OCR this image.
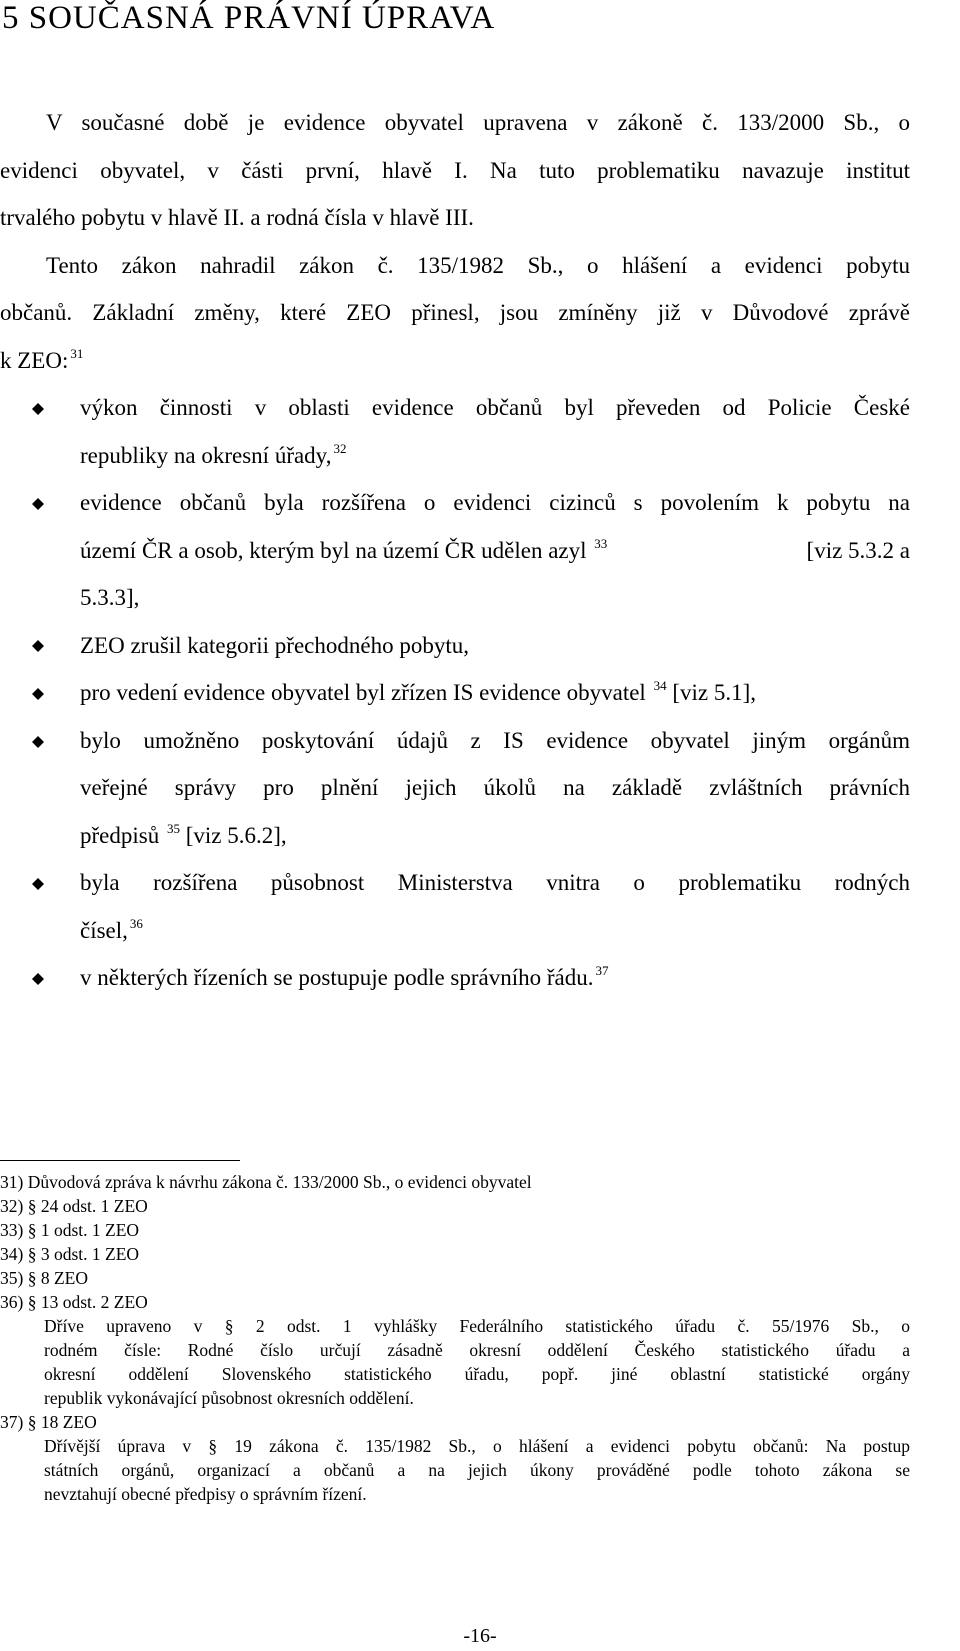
5 SOUČASNÁ PRÁVNÍ ÚPRAVA
V současné době je evidence obyvatel upravena v zákoně č. 133/2000 Sb., o
evidenci obyvatel, v části první, hlavě I. Na tuto problematiku navazuje institut
trvalého pobytu v hlavě II. a rodná čísla v hlavě III.
Tento zákon nahradil zákon č. 135/1982 Sb., o hlášení a evidenci pobytu
občanů. Základní změny, které ZEO přinesl, jsou zmíněny již v Důvodové zprávě
k ZEO: $^{31}$
výkon činnosti v oblasti evidence občanů byl převeden od Policie České
republiky na okresní úřady, $^{32}$
evidence občanů byla rozšířena o evidenci cizinců s povolením k pobytu na
území ČR a osob, kterým byl na území ČR udělen azyl $^{33}$	[viz 5.3.2 a
5.3.3],
ZEO zrušil kategorii přechodného pobytu,
pro vedení evidence obyvatel byl zřízen IS evidence obyvatel $^{34}$ [viz 5.1],
bylo umožněno poskytování údajů z IS evidence obyvatel jiným orgánům
veřejné správy pro plnění jejich úkolů na základě zvláštních právních
předpisů $^{35}$ [viz 5.6.2],
byla rozšířena působnost Ministerstva vnitra o problematiku rodných
čísel, $^{36}$
v některých řízeních se postupuje podle správního řádu. $^{37}$
31) Důvodová zpráva k návrhu zákona č. 133/2000 Sb., o evidenci obyvatel
32) § 24 odst. 1 ZEO
33) § 1 odst. 1 ZEO
34) § 3 odst. 1 ZEO
35) § 8 ZEO
36) § 13 odst. 2 ZEO
Dříve upraveno v § 2 odst. 1 vyhlášky Federálního statistického úřadu č. 55/1976 Sb., o
rodném čísle: Rodné číslo určují zásadně okresní oddělení Českého statistického úřadu a
okresní oddělení Slovenského statistického úřadu, popř. jiné oblastní statistické orgány
republik vykonávající působnost okresních oddělení.
37) § 18 ZEO
Dřívější úprava v § 19 zákona č. 135/1982 Sb., o hlášení a evidenci pobytu občanů: Na postup
státních orgánů, organizací a občanů a na jejich úkony prováděné podle tohoto zákona se
nevztahují obecné předpisy o správním řízení.
-16-
